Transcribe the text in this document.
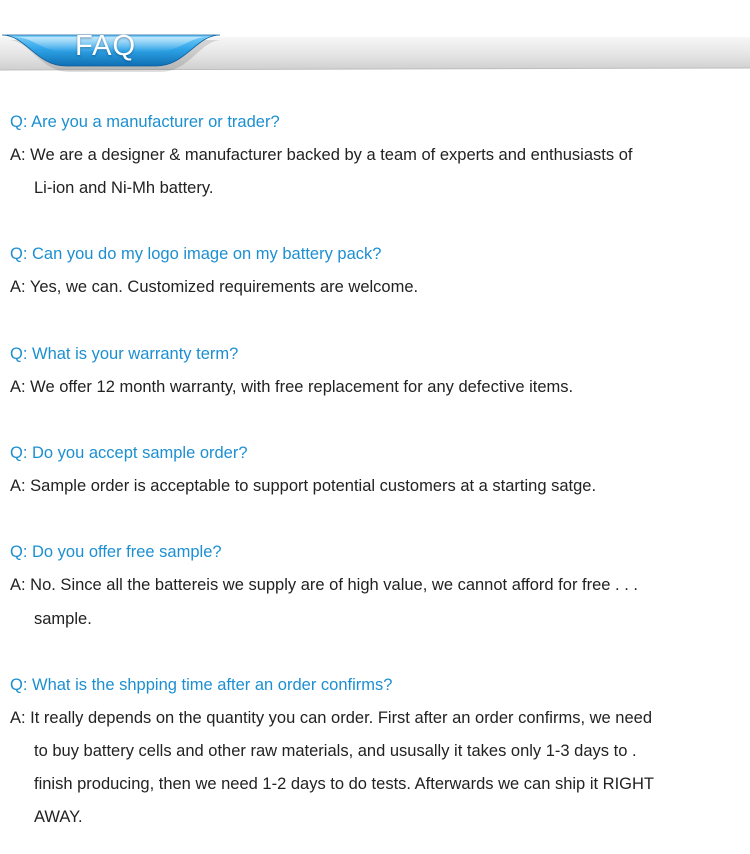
FAQ
Q: Are you a manufacturer or trader?
A: We are a designer & manufacturer backed by a team of experts and enthusiasts of
Li-ion and Ni-Mh battery.
Q: Can you do my logo image on my battery pack?
A: Yes, we can. Customized requirements are welcome.
Q: What is your warranty term?
A: We offer 12 month warranty, with free replacement for any defective items.
Q: Do you accept sample order?
A: Sample order is acceptable to support potential customers at a starting satge.
Q: Do you offer free sample?
A: No. Since all the battereis we supply are of high value, we cannot afford for free . . .
sample.
Q: What is the shpping time after an order confirms?
A: It really depends on the quantity you can order. First after an order confirms, we need
to buy battery cells and other raw materials, and ususally it takes only 1-3 days to .
finish producing, then we need 1-2 days to do tests. Afterwards we can ship it RIGHT
AWAY.
